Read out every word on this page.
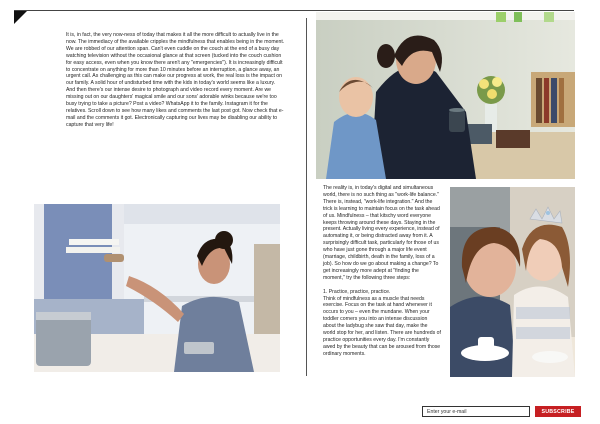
It is, in fact, the very now-ness of today that makes it all the more difficult to actually live in the now. The immediacy of the available cripples the mindfulness that enables being in the moment. We are robbed of our attention span. Can't even cuddle on the couch at the end of a busy day watching television without the occasional glance at that screen (tucked into the couch cushion for easy access, even when you know there aren't any "emergencies"). It is increasingly difficult to concentrate on anything for more than 10 minutes before an interruption, a glance away, an urgent call. As challenging as this can make our progress at work, the real loss is the impact on our family. A solid hour of undisturbed time with the kids in today's world seems like a luxury.
And then there's our intense desire to photograph and video record every moment. Are we missing out on our daughters' magical smile and our sons' adorable winks because we're too busy trying to take a picture? Post a video? WhatsApp it to the family. Instagram it for the relatives. Scroll down to see how many likes and comments the last post got. Now check that e-mail and the comments it got. Electronically capturing our lives may be disabling our ability to capture that very life!

The reality is, in today's digital and simultaneous world, there is no such thing as "work-life balance." There is, instead, "work-life integration." And the trick is learning to maintain focus on the task ahead of us. Mindfulness – that kitschy word everyone keeps throwing around these days. Staying in the present. Actually living every experience, instead of automating it, or being distracted away from it. A surprisingly difficult task, particularly for those of us who have just gone through a major life event (marriage, childbirth, death in the family, loss of a job). So how do we go about making a change? To get increasingly more adept at "finding the moment," try the following three steps:

1. Practice, practice, practice.
Think of mindfulness as a muscle that needs exercise. Focus on the task at hand whenever it occurs to you – even the mundane. When your toddler corners you into an intense discussion about the ladybug she saw that day, make the world stop for her, and listen. There are hundreds of practice opportunities every day. I'm constantly awed by the beauty that can be aroused from those ordinary moments.

Enter your e-mail
SUBSCRIBE
